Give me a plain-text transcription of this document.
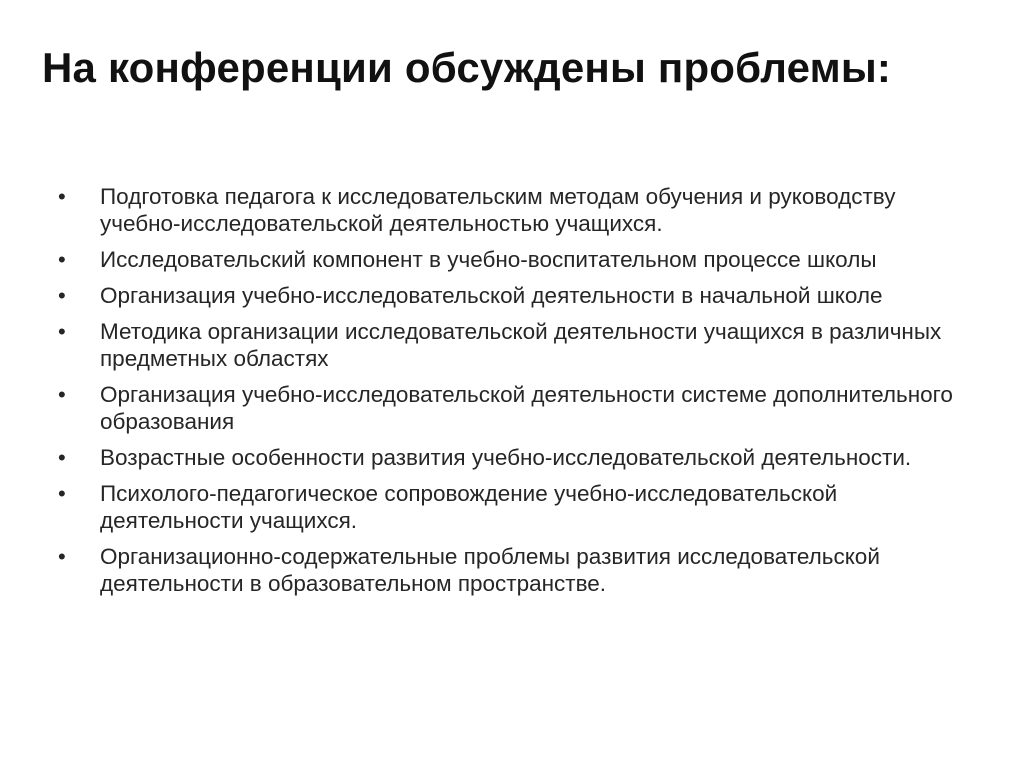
На конференции обсуждены проблемы:
•	Подготовка педагога к исследовательским методам обучения и руководству учебно-исследовательской деятельностью учащихся.
•	Исследовательский компонент в учебно-воспитательном процессе школы
•	Организация учебно-исследовательской деятельности в начальной школе
•	Методика организации исследовательской деятельности учащихся в различных предметных областях
•	Организация учебно-исследовательской деятельности системе дополнительного образования
•	Возрастные особенности развития учебно-исследовательской деятельности.
•	Психолого-педагогическое сопровождение учебно-исследовательской деятельности учащихся.
•	Организационно-содержательные проблемы развития исследовательской деятельности в образовательном пространстве.
